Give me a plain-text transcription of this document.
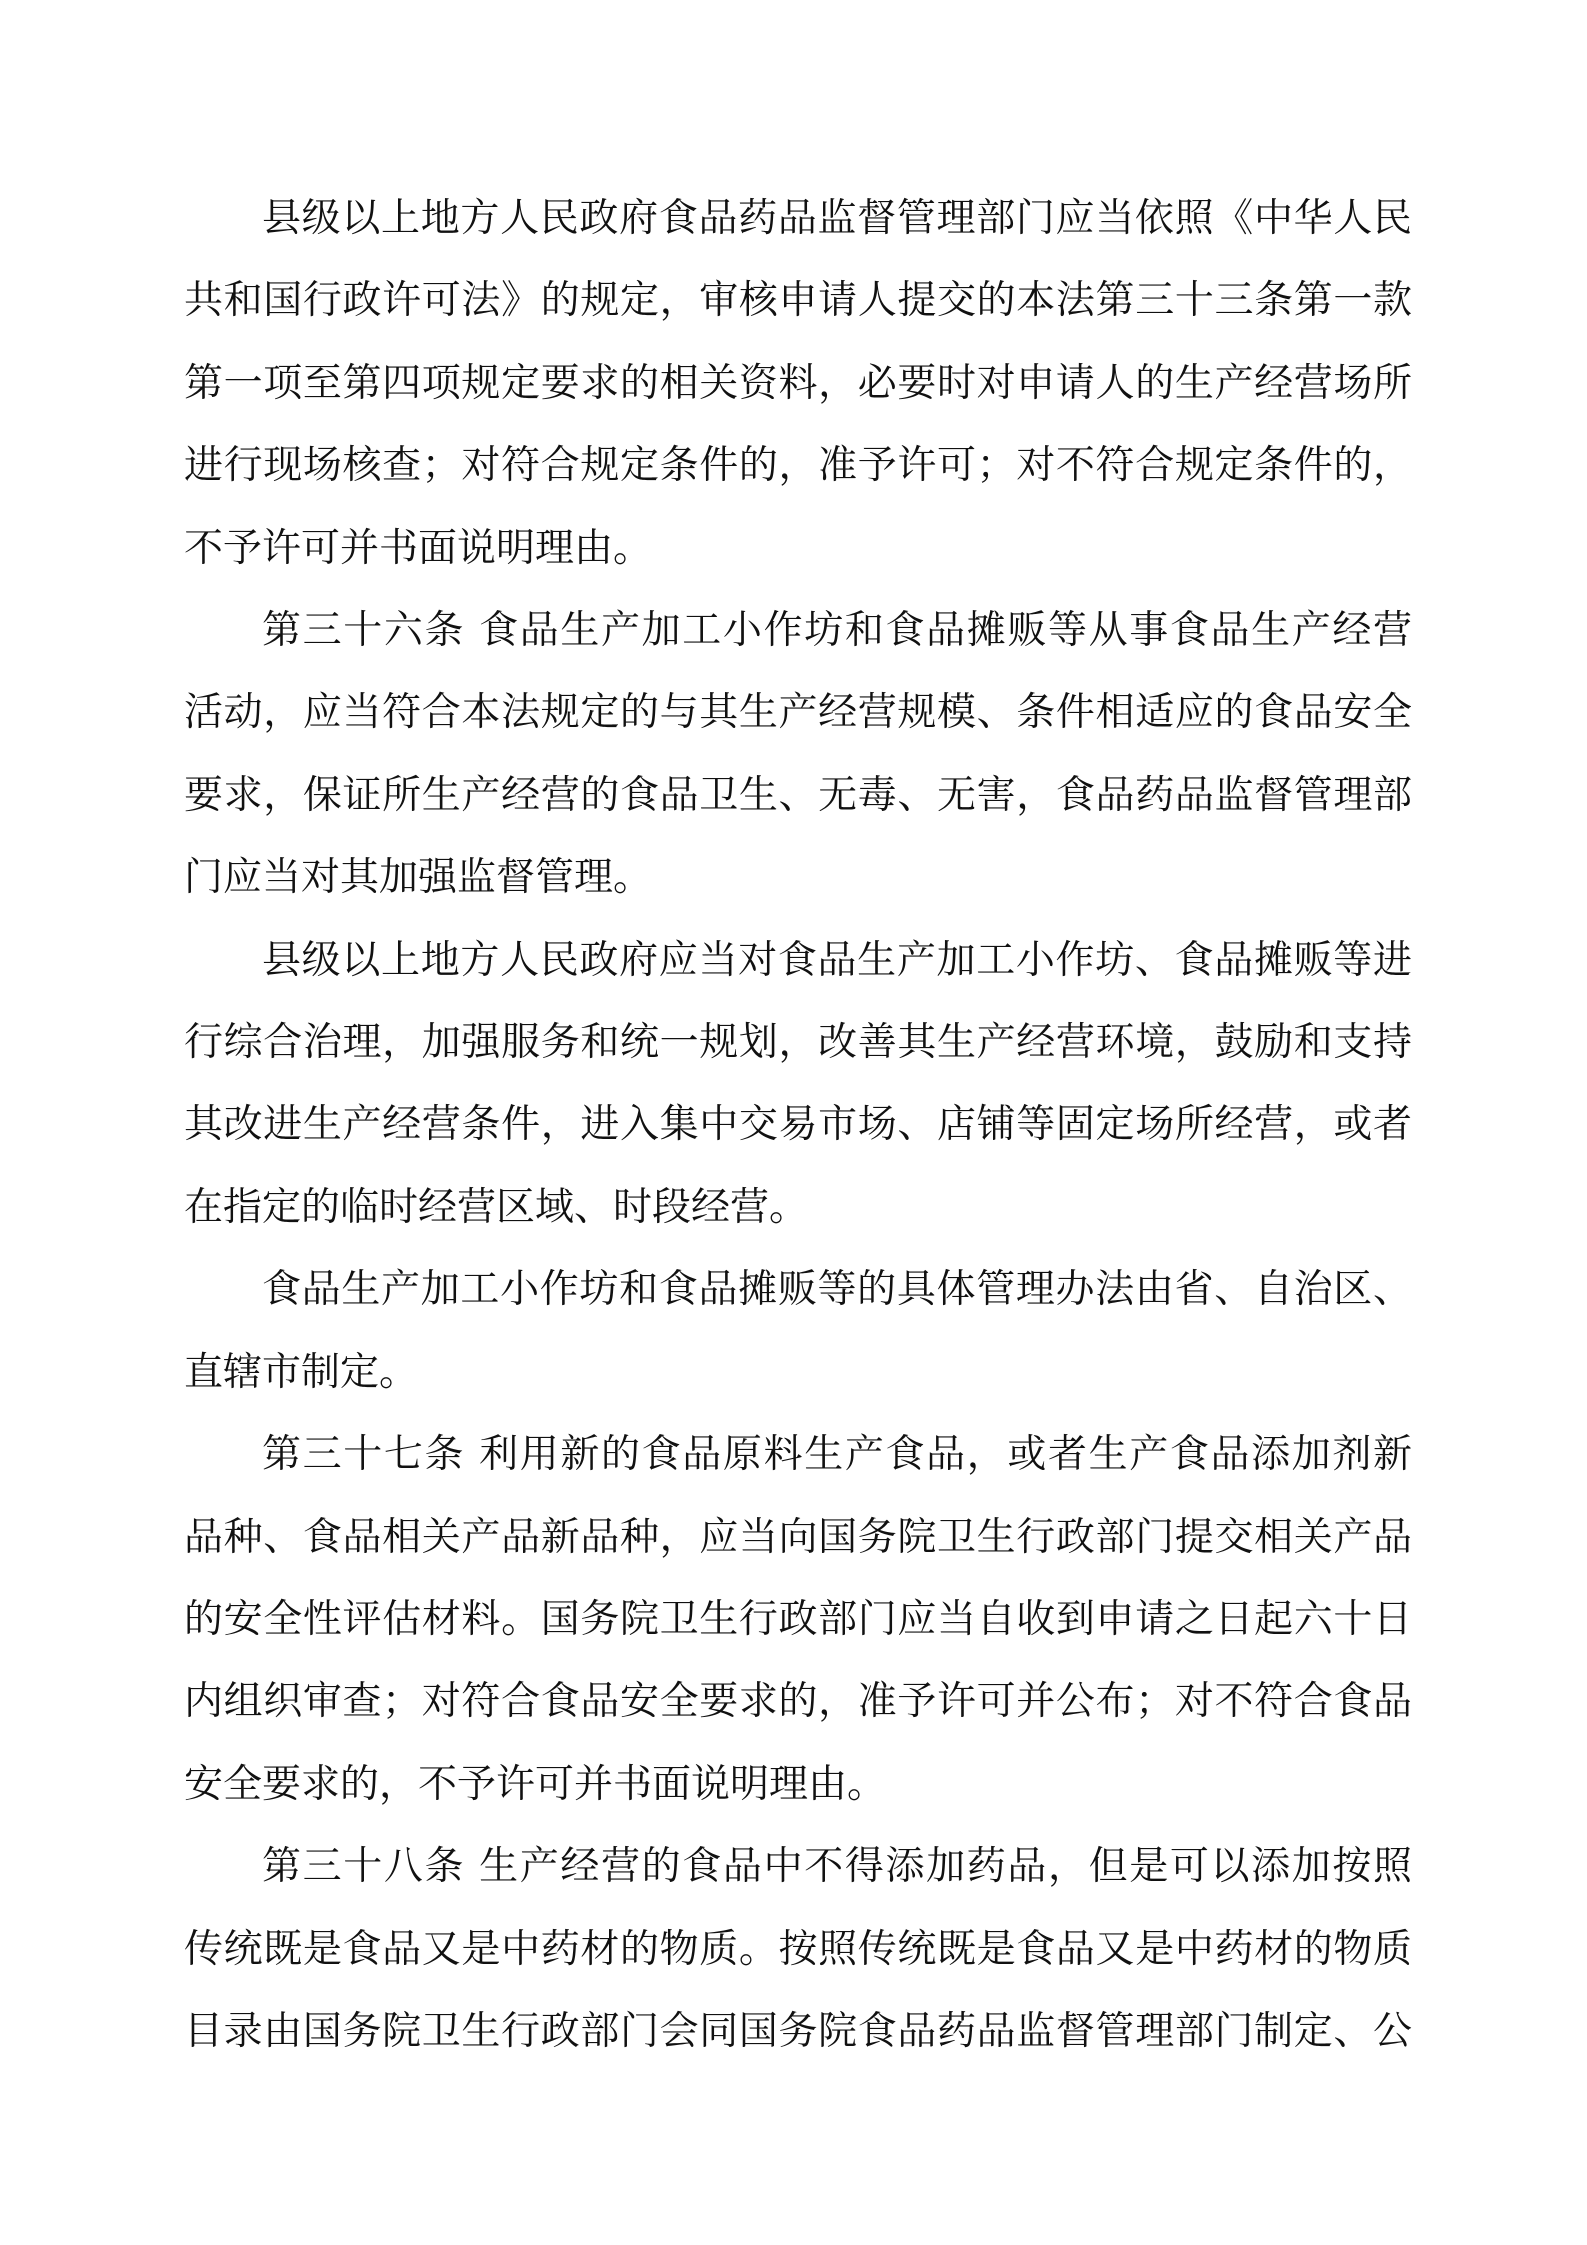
县级以上地方人民政府食品药品监督管理部门应当依照《中华人民
共和国行政许可法》的规定，审核申请人提交的本法第三十三条第一款
第一项至第四项规定要求的相关资料，必要时对申请人的生产经营场所
进行现场核查；对符合规定条件的，准予许可；对不符合规定条件的，
不予许可并书面说明理由。
第三十六条 食品生产加工小作坊和食品摊贩等从事食品生产经营
活动，应当符合本法规定的与其生产经营规模、条件相适应的食品安全
要求，保证所生产经营的食品卫生、无毒、无害，食品药品监督管理部
门应当对其加强监督管理。
县级以上地方人民政府应当对食品生产加工小作坊、食品摊贩等进
行综合治理，加强服务和统一规划，改善其生产经营环境，鼓励和支持
其改进生产经营条件，进入集中交易市场、店铺等固定场所经营，或者
在指定的临时经营区域、时段经营。
食品生产加工小作坊和食品摊贩等的具体管理办法由省、自治区、
直辖市制定。
第三十七条 利用新的食品原料生产食品，或者生产食品添加剂新
品种、食品相关产品新品种，应当向国务院卫生行政部门提交相关产品
的安全性评估材料。国务院卫生行政部门应当自收到申请之日起六十日
内组织审查；对符合食品安全要求的，准予许可并公布；对不符合食品
安全要求的，不予许可并书面说明理由。
第三十八条 生产经营的食品中不得添加药品，但是可以添加按照
传统既是食品又是中药材的物质。按照传统既是食品又是中药材的物质
目录由国务院卫生行政部门会同国务院食品药品监督管理部门制定、公
